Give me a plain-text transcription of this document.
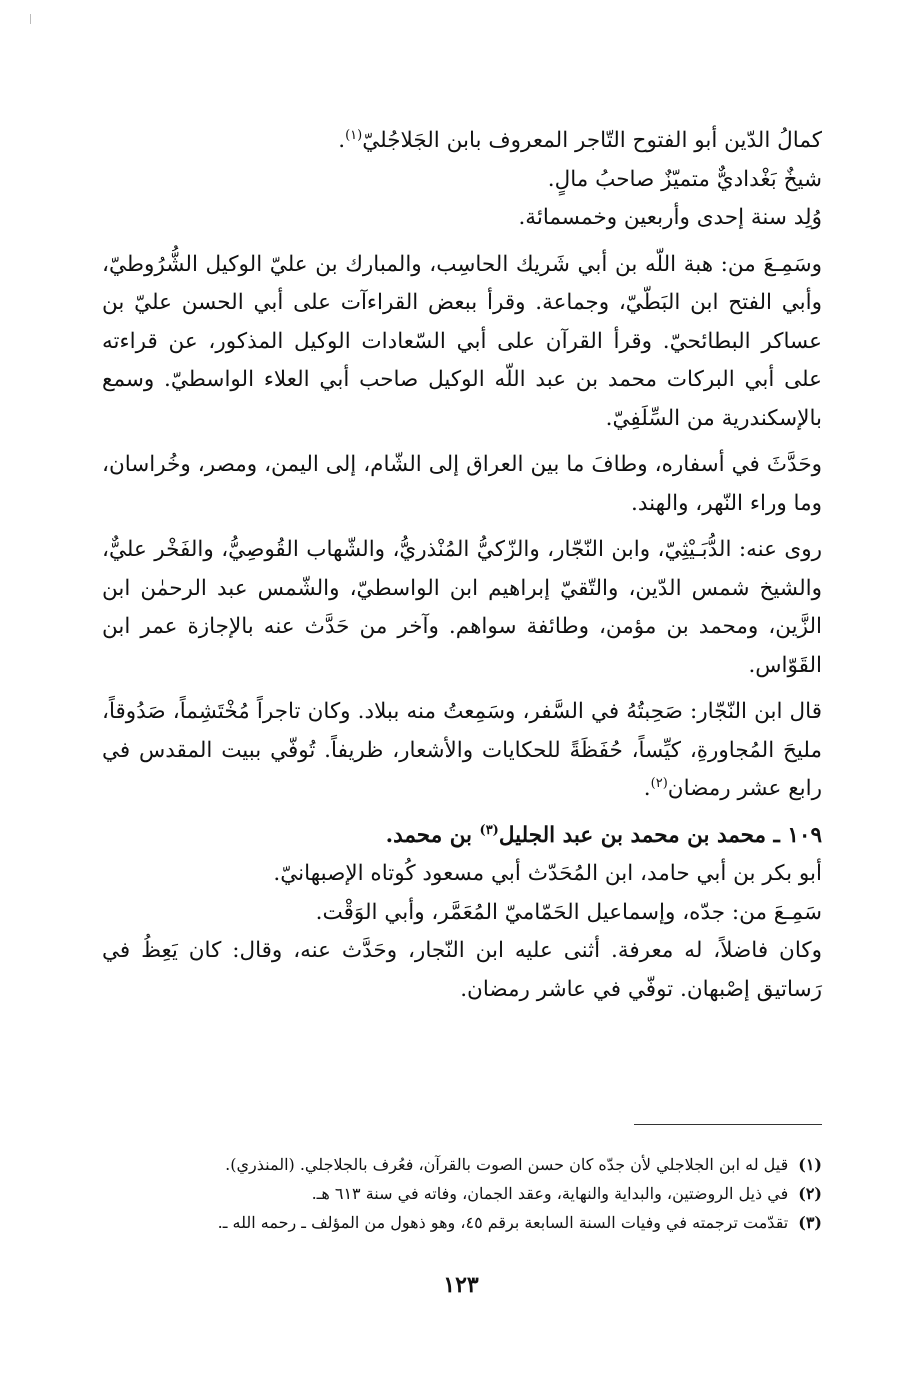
كمالُ الدّين أبو الفتوح التّاجر المعروف بابن الجَلاجُليّ$^{(١)}$.
شيخٌ بَغْداديٌّ متميّزٌ صاحبُ مالٍ.
وُلِد سنة إحدى وأربعين وخمسمائة.

وسَمِـعَ من: هبة اللّه بن أبي شَريك الحاسِب، والمبارك بن عليّ الوكيل الشُّرُوطيّ، وأبي الفتح ابن البَطّيّ، وجماعة. وقرأ ببعض القراءآت على أبي الحسن عليّ بن عساكر البطائحيّ. وقرأ القرآن على أبي السّعادات الوكيل المذكور، عن قراءته على أبي البركات محمد بن عبد اللّه الوكيل صاحب أبي العلاء الواسطيّ. وسمع بالإسكندرية من السِّلَفِيّ.

وحَدَّثَ في أسفاره، وطافَ ما بين العراق إلى الشّام، إلى اليمن، ومصر، وخُراسان، وما وراء النّهر، والهند.

روى عنه: الدُّبَـيْثِيّ، وابن النّجّار، والزّكيُّ المُنْذريُّ، والشّهاب القُوصِيُّ، والفَخْر عليٌّ، والشيخ شمس الدّين، والتّقيّ إبراهيم ابن الواسطيّ، والشّمس عبد الرحمٰن ابن الزَّين، ومحمد بن مؤمن، وطائفة سواهم. وآخر من حَدَّث عنه بالإجازة عمر ابن القَوّاس.

قال ابن النّجّار: صَحِبتُهُ في السَّفر، وسَمِعتُ منه ببلاد. وكان تاجراً مُخْتَشِماً، صَدُوقاً، مليحَ المُجاورةِ، كيِّساً، حُفَظَةً للحكايات والأشعار، ظريفاً. تُوفّي ببيت المقدس في رابع عشر رمضان$^{(٢)}$.

١٠٩ ـ محمد بن محمد بن عبد الجليل$^{(٣)}$ بن محمد.
أبو بكر بن أبي حامد، ابن المُحَدّث أبي مسعود كُوتاه الإصبهانيّ.
سَمِـعَ من: جدّه، وإسماعيل الحَمّاميّ المُعَمَّر، وأبي الوَقْت.
وكان فاضلاً، له معرفة. أثنى عليه ابن النّجار، وحَدَّث عنه، وقال: كان يَعِظُ في رَساتيق إصْبهان. توفّي في عاشر رمضان.

(١)قيل له ابن الجلاجلي لأن جدّه كان حسن الصوت بالقرآن، فعُرف بالجلاجلي. (المنذري).
(٢)في ذيل الروضتين، والبداية والنهاية، وعقد الجمان، وفاته في سنة ٦١٣ هـ.
(٣)تقدّمت ترجمته في وفيات السنة السابعة برقم ٤٥، وهو ذهول من المؤلف ـ رحمه الله ـ.
١٢٣
